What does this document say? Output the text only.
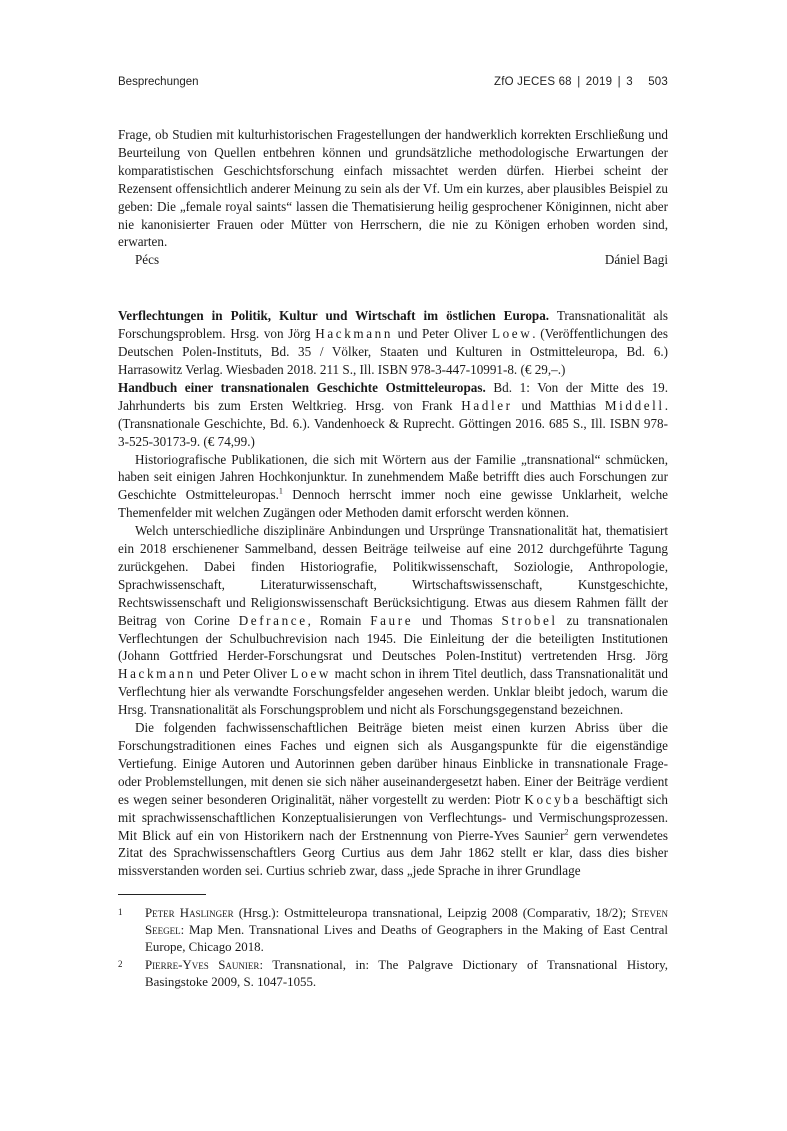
Besprechungen	ZfO JECES 68 | 2019 | 3 503

Frage, ob Studien mit kulturhistorischen Fragestellungen der handwerklich korrekten Erschließung und Beurteilung von Quellen entbehren können und grundsätzliche methodologische Erwartungen der komparatistischen Geschichtsforschung einfach missachtet werden dürfen. Hierbei scheint der Rezensent offensichtlich anderer Meinung zu sein als der Vf. Um ein kurzes, aber plausibles Beispiel zu geben: Die „female royal saints“ lassen die Thematisierung heilig gesprochener Königinnen, nicht aber nie kanonisierter Frauen oder Mütter von Herrschern, die nie zu Königen erhoben worden sind, erwarten.

Pécs	Dániel Bagi

Verflechtungen in Politik, Kultur und Wirtschaft im östlichen Europa. Transnationalität als Forschungsproblem. Hrsg. von Jörg Hackmann und Peter Oliver Loew. (Veröffentlichungen des Deutschen Polen-Instituts, Bd. 35 / Völker, Staaten und Kulturen in Ostmitteleuropa, Bd. 6.) Harrasowitz Verlag. Wiesbaden 2018. 211 S., Ill. ISBN 978-3-447-10991-8. (€ 29,–.)

Handbuch einer transnationalen Geschichte Ostmitteleuropas. Bd. 1: Von der Mitte des 19. Jahrhunderts bis zum Ersten Weltkrieg. Hrsg. von Frank Hadler und Matthias Middell. (Transnationale Geschichte, Bd. 6.). Vandenhoeck & Ruprecht. Göttingen 2016. 685 S., Ill. ISBN 978-3-525-30173-9. (€ 74,99.)

Historiografische Publikationen, die sich mit Wörtern aus der Familie „transnational“ schmücken, haben seit einigen Jahren Hochkonjunktur. In zunehmendem Maße betrifft dies auch Forschungen zur Geschichte Ostmitteleuropas.$^1$ Dennoch herrscht immer noch eine gewisse Unklarheit, welche Themenfelder mit welchen Zugängen oder Methoden damit erforscht werden können.

Welch unterschiedliche disziplinäre Anbindungen und Ursprünge Transnationalität hat, thematisiert ein 2018 erschienener Sammelband, dessen Beiträge teilweise auf eine 2012 durchgeführte Tagung zurückgehen. Dabei finden Historiografie, Politikwissenschaft, Soziologie, Anthropologie, Sprachwissenschaft, Literaturwissenschaft, Wirtschaftswissenschaft, Kunstgeschichte, Rechtswissenschaft und Religionswissenschaft Berücksichtigung. Etwas aus diesem Rahmen fällt der Beitrag von Corine Defrance, Romain Faure und Thomas Strobel zu transnationalen Verflechtungen der Schulbuchrevision nach 1945. Die Einleitung der die beteiligten Institutionen (Johann Gottfried Herder-Forschungsrat und Deutsches Polen-Institut) vertretenden Hrsg. Jörg Hackmann und Peter Oliver Loew macht schon in ihrem Titel deutlich, dass Transnationalität und Verflechtung hier als verwandte Forschungsfelder angesehen werden. Unklar bleibt jedoch, warum die Hrsg. Transnationalität als Forschungsproblem und nicht als Forschungsgegenstand bezeichnen.

Die folgenden fachwissenschaftlichen Beiträge bieten meist einen kurzen Abriss über die Forschungstraditionen eines Faches und eignen sich als Ausgangspunkte für die eigenständige Vertiefung. Einige Autoren und Autorinnen geben darüber hinaus Einblicke in transnationale Frage- oder Problemstellungen, mit denen sie sich näher auseinandergesetzt haben. Einer der Beiträge verdient es wegen seiner besonderen Originalität, näher vorgestellt zu werden: Piotr Kocyba beschäftigt sich mit sprachwissenschaftlichen Konzeptualisierungen von Verflechtungs- und Vermischungsprozessen. Mit Blick auf ein von Historikern nach der Erstnennung von Pierre-Yves Saunier$^2$ gern verwendetes Zitat des Sprachwissenschaftlers Georg Curtius aus dem Jahr 1862 stellt er klar, dass dies bisher missverstanden worden sei. Curtius schrieb zwar, dass „jede Sprache in ihrer Grundlage

1	Peter Haslinger (Hrsg.): Ostmitteleuropa transnational, Leipzig 2008 (Comparativ, 18/2); Steven Seegel: Map Men. Transnational Lives and Deaths of Geographers in the Making of East Central Europe, Chicago 2018.

2	Pierre-Yves Saunier: Transnational, in: The Palgrave Dictionary of Transnational History, Basingstoke 2009, S. 1047-1055.
